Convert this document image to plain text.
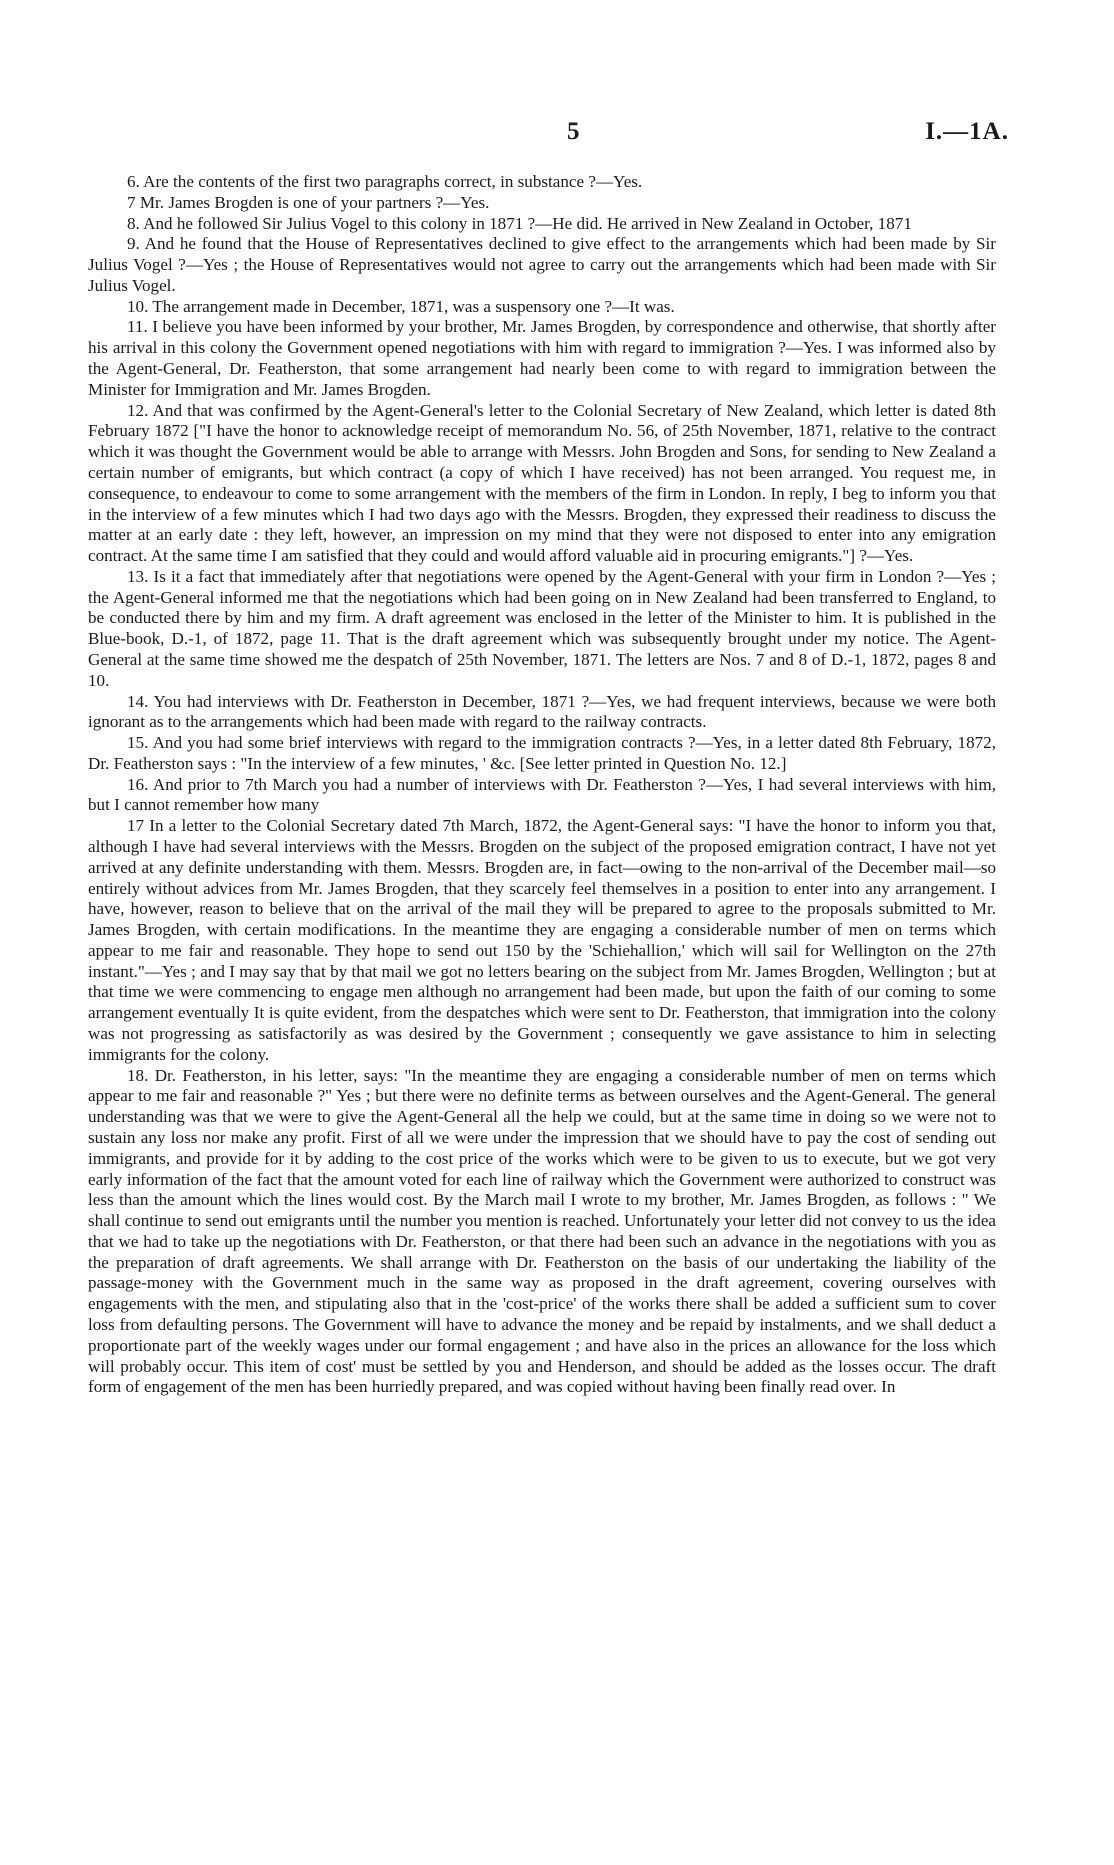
5	I.—1A.

6. Are the contents of the first two paragraphs correct, in substance ?—Yes.

7 Mr. James Brogden is one of your partners ?—Yes.

8. And he followed Sir Julius Vogel to this colony in 1871 ?—He did. He arrived in New Zealand in October, 1871

9. And he found that the House of Representatives declined to give effect to the arrangements which had been made by Sir Julius Vogel ?—Yes ; the House of Representatives would not agree to carry out the arrangements which had been made with Sir Julius Vogel.

10. The arrangement made in December, 1871, was a suspensory one ?—It was.

11. I believe you have been informed by your brother, Mr. James Brogden, by correspondence and otherwise, that shortly after his arrival in this colony the Government opened negotiations with him with regard to immigration ?—Yes. I was informed also by the Agent-General, Dr. Featherston, that some arrangement had nearly been come to with regard to immigration between the Minister for Immigration and Mr. James Brogden.

12. And that was confirmed by the Agent-General's letter to the Colonial Secretary of New Zealand, which letter is dated 8th February 1872 ["I have the honor to acknowledge receipt of memorandum No. 56, of 25th November, 1871, relative to the contract which it was thought the Government would be able to arrange with Messrs. John Brogden and Sons, for sending to New Zealand a certain number of emigrants, but which contract (a copy of which I have received) has not been arranged. You request me, in consequence, to endeavour to come to some arrangement with the members of the firm in London. In reply, I beg to inform you that in the interview of a few minutes which I had two days ago with the Messrs. Brogden, they expressed their readiness to discuss the matter at an early date : they left, however, an impression on my mind that they were not disposed to enter into any emigration contract. At the same time I am satisfied that they could and would afford valuable aid in procuring emigrants."] ?—Yes.

13. Is it a fact that immediately after that negotiations were opened by the Agent-General with your firm in London ?—Yes ; the Agent-General informed me that the negotiations which had been going on in New Zealand had been transferred to England, to be conducted there by him and my firm. A draft agreement was enclosed in the letter of the Minister to him. It is published in the Blue-book, D.-1, of 1872, page 11. That is the draft agreement which was subsequently brought under my notice. The Agent-General at the same time showed me the despatch of 25th November, 1871. The letters are Nos. 7 and 8 of D.-1, 1872, pages 8 and 10.

14. You had interviews with Dr. Featherston in December, 1871 ?—Yes, we had frequent interviews, because we were both ignorant as to the arrangements which had been made with regard to the railway contracts.

15. And you had some brief interviews with regard to the immigration contracts ?—Yes, in a letter dated 8th February, 1872, Dr. Featherston says : "In the interview of a few minutes, ' &c. [See letter printed in Question No. 12.]

16. And prior to 7th March you had a number of interviews with Dr. Featherston ?—Yes, I had several interviews with him, but I cannot remember how many

17 In a letter to the Colonial Secretary dated 7th March, 1872, the Agent-General says: "I have the honor to inform you that, although I have had several interviews with the Messrs. Brogden on the subject of the proposed emigration contract, I have not yet arrived at any definite understanding with them. Messrs. Brogden are, in fact—owing to the non-arrival of the December mail—so entirely without advices from Mr. James Brogden, that they scarcely feel themselves in a position to enter into any arrangement. I have, however, reason to believe that on the arrival of the mail they will be prepared to agree to the proposals submitted to Mr. James Brogden, with certain modifications. In the meantime they are engaging a considerable number of men on terms which appear to me fair and reasonable. They hope to send out 150 by the 'Schiehallion,' which will sail for Wellington on the 27th instant."—Yes ; and I may say that by that mail we got no letters bearing on the subject from Mr. James Brogden, Wellington ; but at that time we were commencing to engage men although no arrangement had been made, but upon the faith of our coming to some arrangement eventually It is quite evident, from the despatches which were sent to Dr. Featherston, that immigration into the colony was not progressing as satisfactorily as was desired by the Government ; consequently we gave assistance to him in selecting immigrants for the colony.

18. Dr. Featherston, in his letter, says: "In the meantime they are engaging a considerable number of men on terms which appear to me fair and reasonable ?" Yes ; but there were no definite terms as between ourselves and the Agent-General. The general understanding was that we were to give the Agent-General all the help we could, but at the same time in doing so we were not to sustain any loss nor make any profit. First of all we were under the impression that we should have to pay the cost of sending out immigrants, and provide for it by adding to the cost price of the works which were to be given to us to execute, but we got very early information of the fact that the amount voted for each line of railway which the Government were authorized to construct was less than the amount which the lines would cost. By the March mail I wrote to my brother, Mr. James Brogden, as follows : " We shall continue to send out emigrants until the number you mention is reached. Unfortunately your letter did not convey to us the idea that we had to take up the negotiations with Dr. Featherston, or that there had been such an advance in the negotiations with you as the preparation of draft agreements. We shall arrange with Dr. Featherston on the basis of our undertaking the liability of the passage-money with the Government much in the same way as proposed in the draft agreement, covering ourselves with engagements with the men, and stipulating also that in the 'cost-price' of the works there shall be added a sufficient sum to cover loss from defaulting persons. The Government will have to advance the money and be repaid by instalments, and we shall deduct a proportionate part of the weekly wages under our formal engagement ; and have also in the prices an allowance for the loss which will probably occur. This item of cost' must be settled by you and Henderson, and should be added as the losses occur. The draft form of engagement of the men has been hurriedly prepared, and was copied without having been finally read over. In
